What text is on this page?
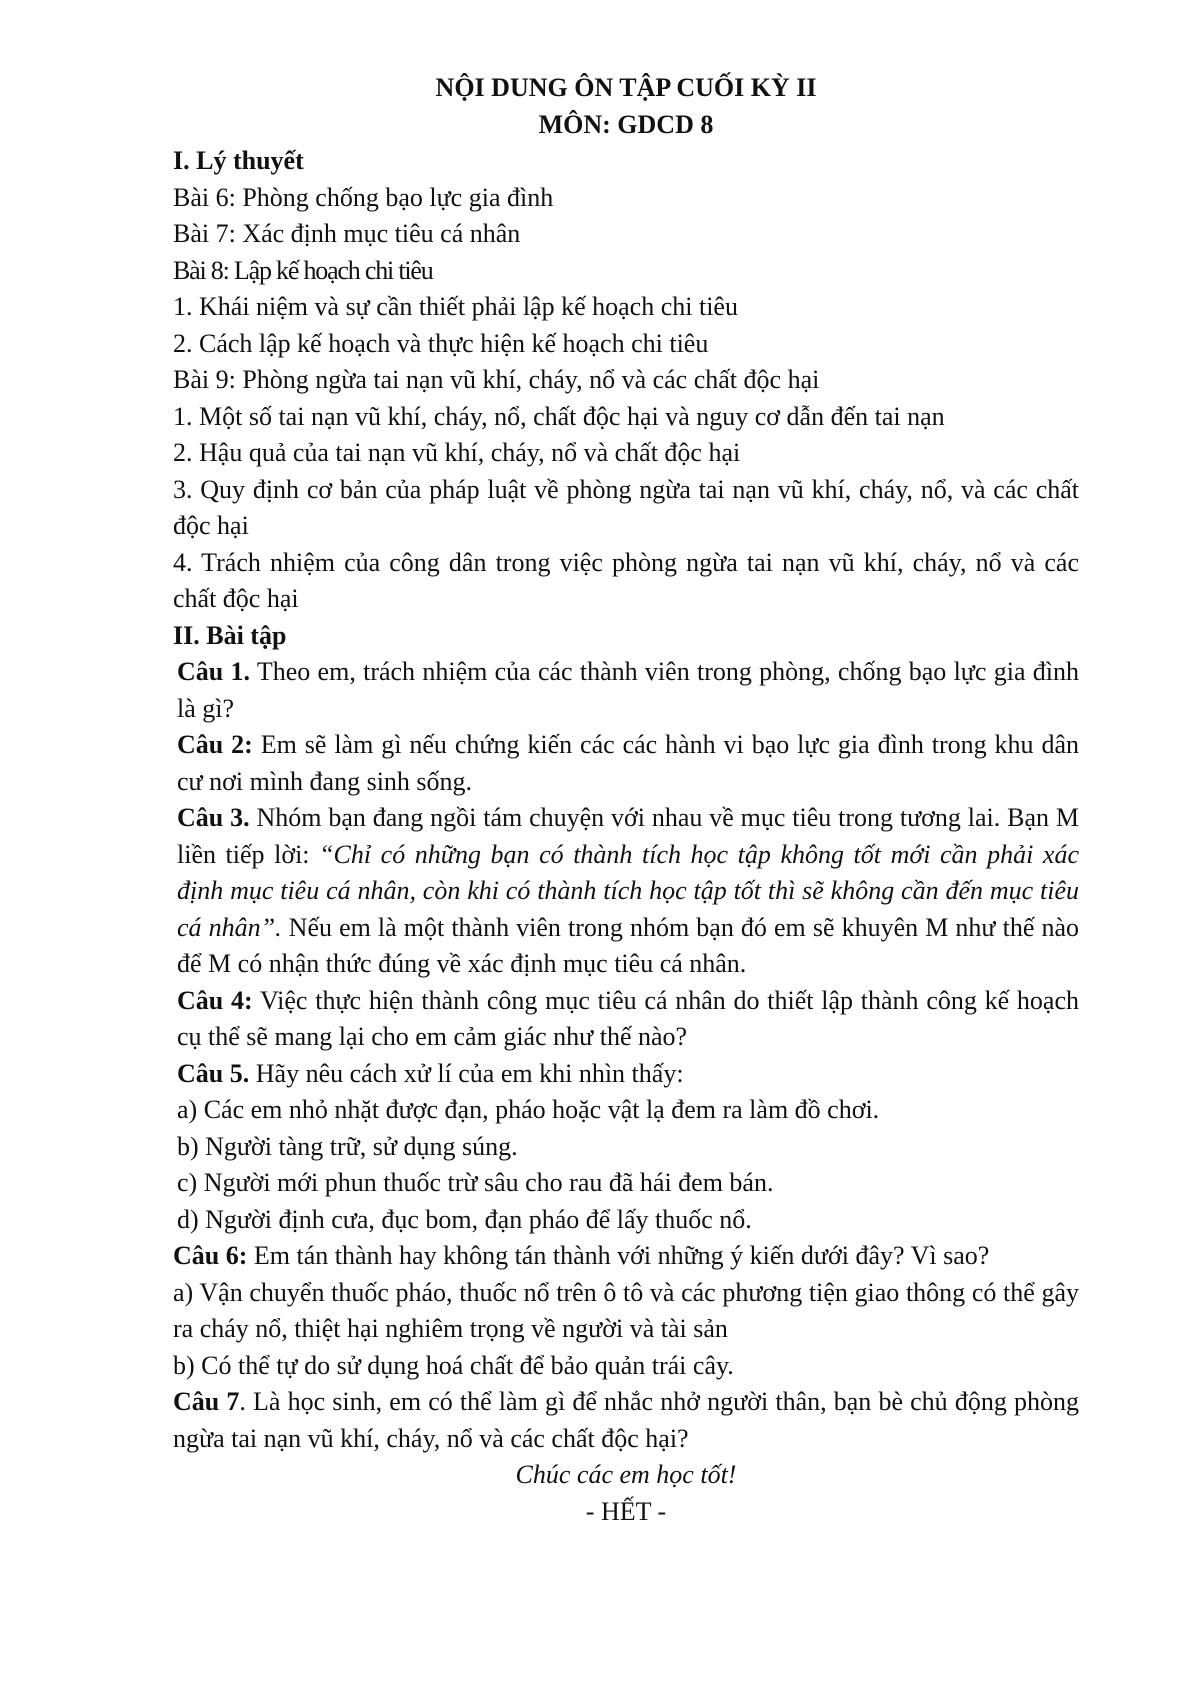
NỘI DUNG ÔN TẬP CUỐI KỲ II

MÔN: GDCD 8

I. Lý thuyết

Bài 6: Phòng chống bạo lực gia đình

Bài 7: Xác định mục tiêu cá nhân

Bài 8: Lập kế hoạch chi tiêu

1. Khái niệm và sự cần thiết phải lập kế hoạch chi tiêu

2. Cách lập kế hoạch và thực hiện kế hoạch chi tiêu

Bài 9: Phòng ngừa tai nạn vũ khí, cháy, nổ và các chất độc hại

1. Một số tai nạn vũ khí, cháy, nổ, chất độc hại và nguy cơ dẫn đến tai nạn

2. Hậu quả của tai nạn vũ khí, cháy, nổ và chất độc hại

3. Quy định cơ bản của pháp luật về phòng ngừa tai nạn vũ khí, cháy, nổ, và các chất độc hại

4. Trách nhiệm của công dân trong việc phòng ngừa tai nạn vũ khí, cháy, nổ và các chất độc hại

II. Bài tập

Câu 1. Theo em, trách nhiệm của các thành viên trong phòng, chống bạo lực gia đình là gì?

Câu 2: Em sẽ làm gì nếu chứng kiến các các hành vi bạo lực gia đình trong khu dân cư nơi mình đang sinh sống.

Câu 3. Nhóm bạn đang ngồi tám chuyện với nhau về mục tiêu trong tương lai. Bạn M liền tiếp lời: “Chỉ có những bạn có thành tích học tập không tốt mới cần phải xác định mục tiêu cá nhân, còn khi có thành tích học tập tốt thì sẽ không cần đến mục tiêu cá nhân”. Nếu em là một thành viên trong nhóm bạn đó em sẽ khuyên M như thế nào để M có nhận thức đúng về xác định mục tiêu cá nhân.

Câu 4: Việc thực hiện thành công mục tiêu cá nhân do thiết lập thành công kế hoạch cụ thể sẽ mang lại cho em cảm giác như thế nào?

Câu 5. Hãy nêu cách xử lí của em khi nhìn thấy:

a) Các em nhỏ nhặt được đạn, pháo hoặc vật lạ đem ra làm đồ chơi.

b) Người tàng trữ, sử dụng súng.

c) Người mới phun thuốc trừ sâu cho rau đã hái đem bán.

d) Người định cưa, đục bom, đạn pháo để lấy thuốc nổ.

Câu 6: Em tán thành hay không tán thành với những ý kiến dưới đây? Vì sao?

a) Vận chuyển thuốc pháo, thuốc nổ trên ô tô và các phương tiện giao thông có thể gây ra cháy nổ, thiệt hại nghiêm trọng về người và tài sản

b) Có thể tự do sử dụng hoá chất để bảo quản trái cây.

Câu 7. Là học sinh, em có thể làm gì để nhắc nhở người thân, bạn bè chủ động phòng ngừa tai nạn vũ khí, cháy, nổ và các chất độc hại?

Chúc các em học tốt!

- HẾT -
